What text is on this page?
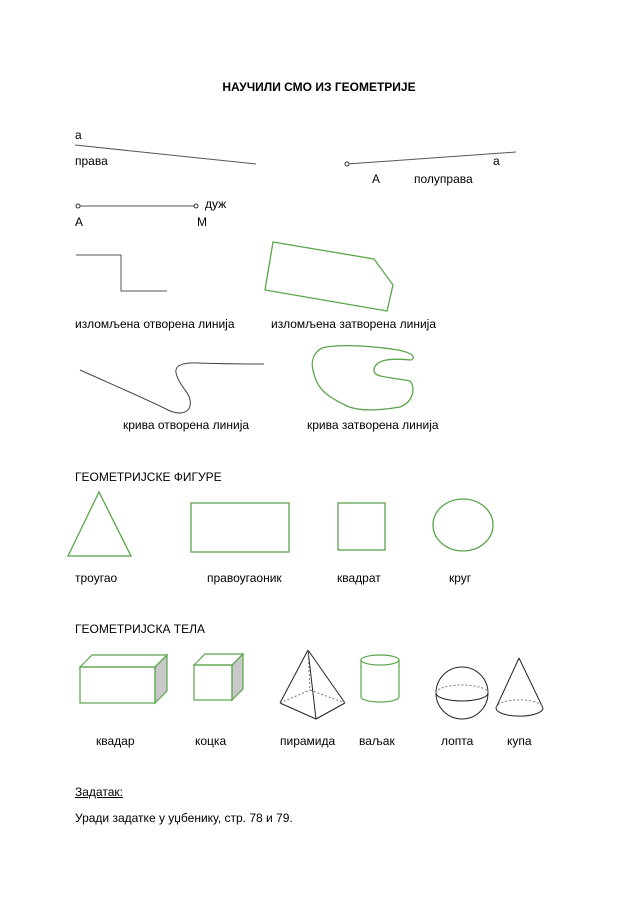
НАУЧИЛИ СМО ИЗ ГЕОМЕТРИЈЕ
a
права	a
A	полуправа
дуж
A	M
изломљена отворена линија	изломљена затворена линија
крива отворена линија	крива затворена линија
ГЕОМЕТРИЈСКЕ ФИГУРЕ
троугао	правоугаоник	квадрат	круг
ГЕОМЕТРИЈСКА ТЕЛА
квадар	коцка	пирамида ваљак	лопта	купа
Задатак:
Уради задатке у уџбенику, стр. 78 и 79.
